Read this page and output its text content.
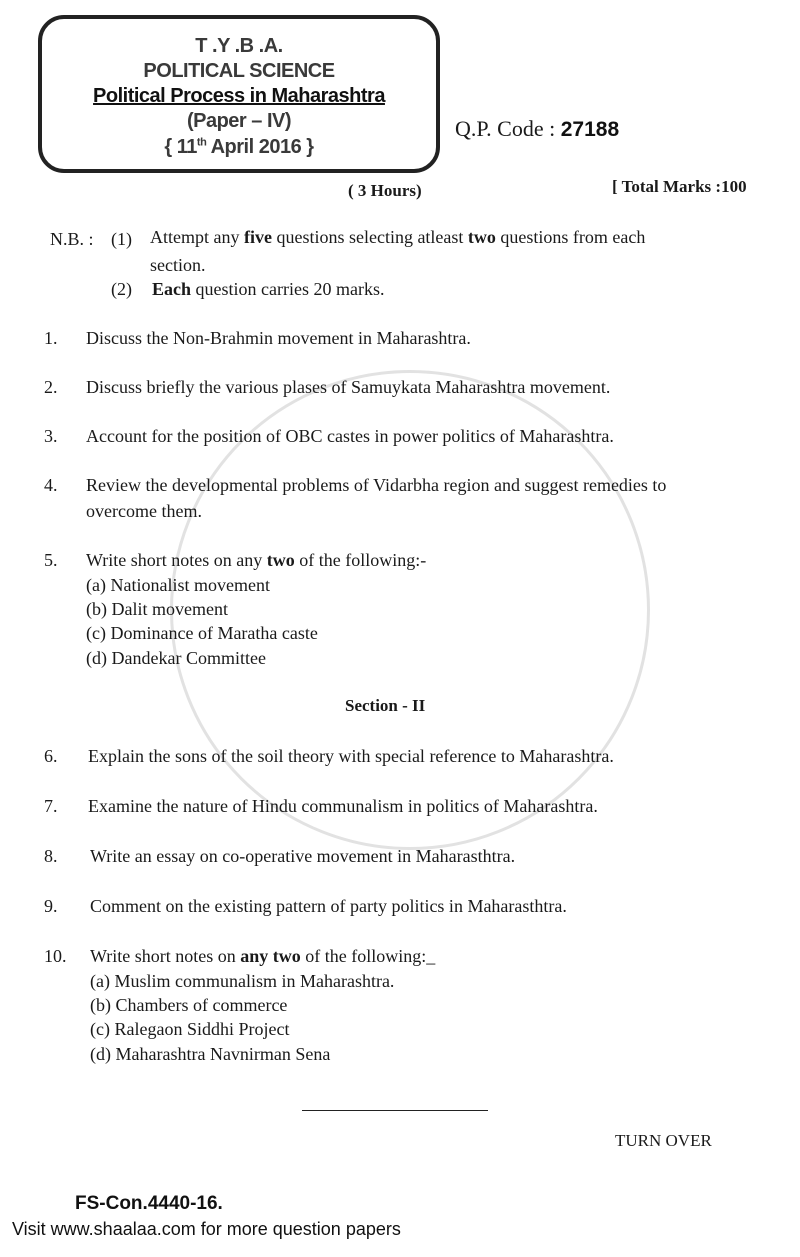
T .Y .B .A.
POLITICAL SCIENCE
Political Process in Maharashtra
(Paper – IV)
{ 11th April 2016 }
Q.P. Code : 27188
( 3 Hours)	[ Total Marks :100
N.B. : (1) Attempt any five questions selecting atleast two questions from each
section.
(2) Each question carries 20 marks.
1. Discuss the Non-Brahmin movement in Maharashtra.
2. Discuss briefly the various plases of Samuykata Maharashtra movement.
3. Account for the position of OBC castes in power politics of Maharashtra.
4. Review the developmental problems of Vidarbha region and suggest remedies to
overcome them.
5. Write short notes on any two of the following:-
(a) Nationalist movement
(b) Dalit movement
(c) Dominance of Maratha caste
(d) Dandekar Committee
Section - II
6. Explain the sons of the soil theory with special reference to Maharashtra.
7. Examine the nature of Hindu communalism in politics of Maharashtra.
8. Write an essay on co-operative movement in Maharasthtra.
9. Comment on the existing pattern of party politics in Maharasthtra.
10. Write short notes on any two of the following:_
(a) Muslim communalism in Maharashtra.
(b) Chambers of commerce
(c) Ralegaon Siddhi Project
(d) Maharashtra Navnirman Sena
TURN OVER
FS-Con.4440-16.
Visit www.shaalaa.com for more question papers
